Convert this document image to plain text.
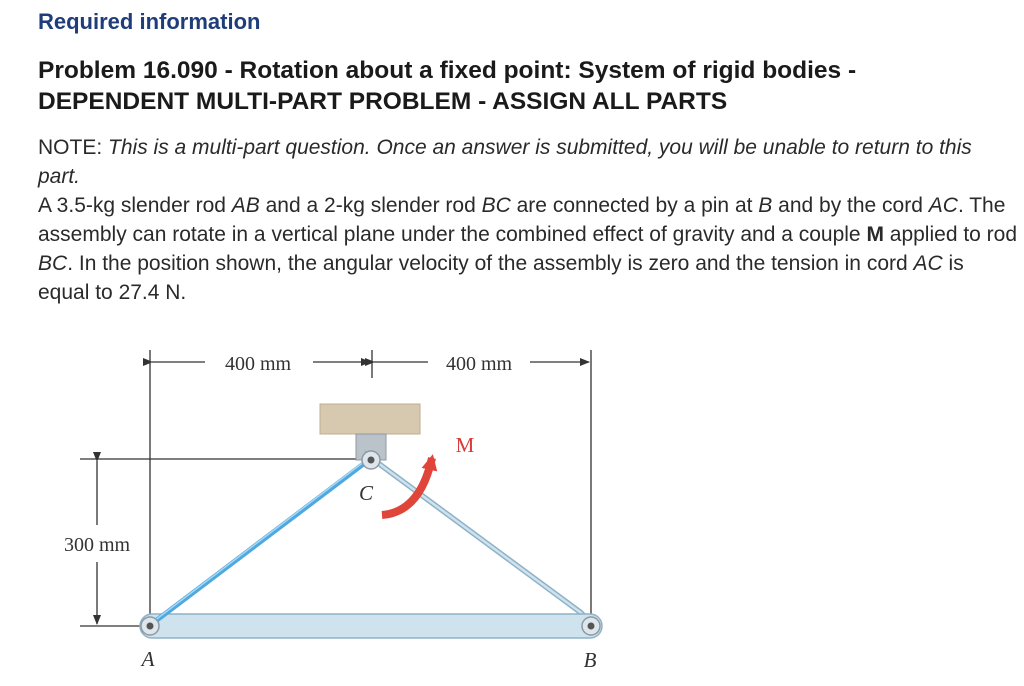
Required information
Problem 16.090 - Rotation about a fixed point: System of rigid bodies -
DEPENDENT MULTI-PART PROBLEM - ASSIGN ALL PARTS
NOTE: This is a multi-part question. Once an answer is submitted, you will be unable to return to this part.
A 3.5-kg slender rod AB and a 2-kg slender rod BC are connected by a pin at B and by the cord AC. The assembly can rotate in a vertical plane under the combined effect of gravity and a couple M applied to rod BC. In the position shown, the angular velocity of the assembly is zero and the tension in cord AC is equal to 27.4 N.
400 mm	400 mm
300 mm
M
C
A	B
